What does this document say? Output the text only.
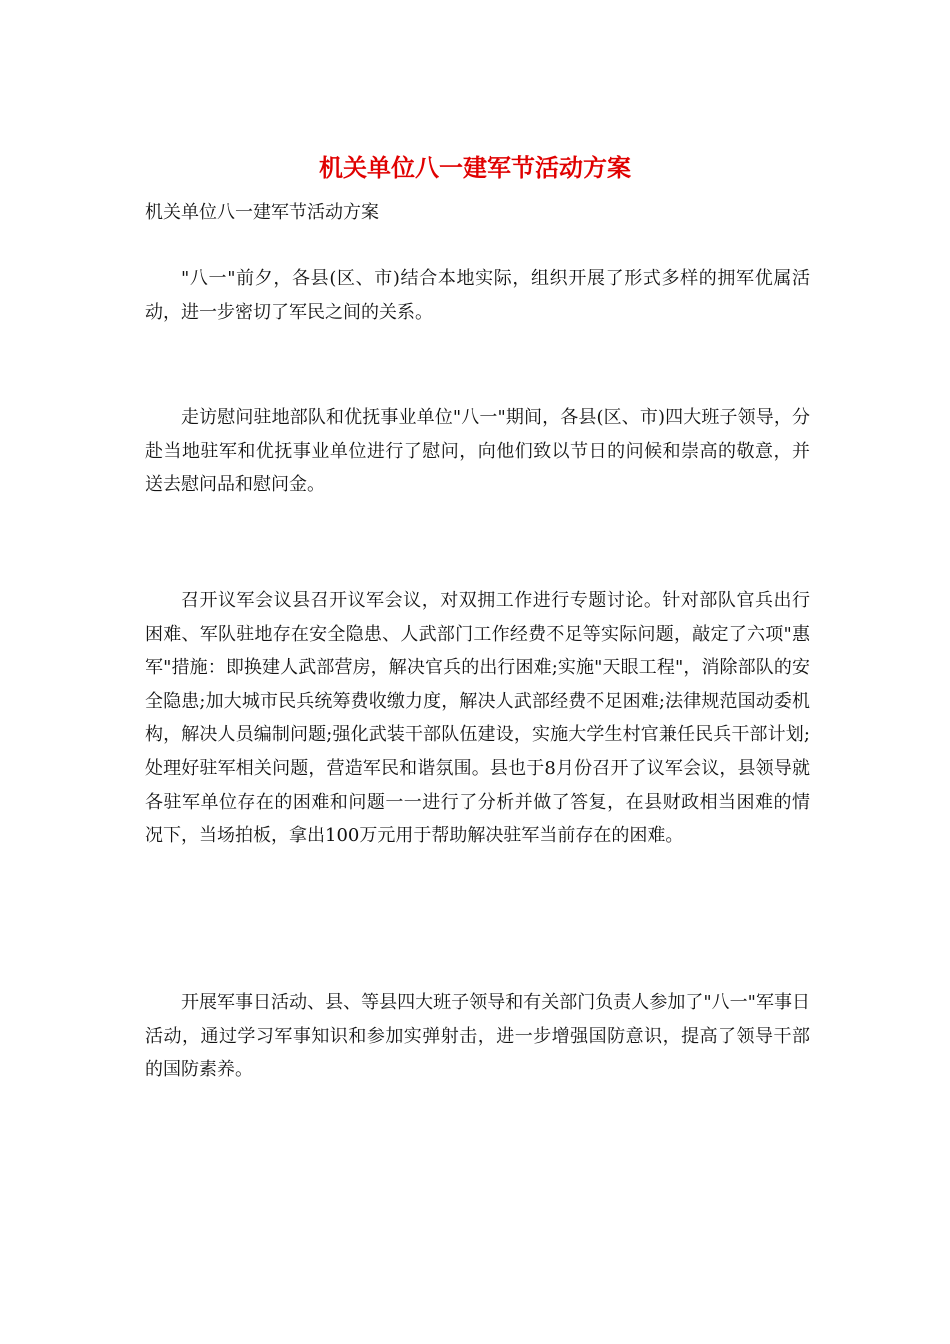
机关单位八一建军节活动方案
机关单位八一建军节活动方案

"八一"前夕，各县(区、市)结合本地实际，组织开展了形式多样的拥军优属活动，进一步密切了军民之间的关系。

走访慰问驻地部队和优抚事业单位"八一"期间，各县(区、市)四大班子领导，分赴当地驻军和优抚事业单位进行了慰问，向他们致以节日的问候和崇高的敬意，并送去慰问品和慰问金。

召开议军会议县召开议军会议，对双拥工作进行专题讨论。针对部队官兵出行困难、军队驻地存在安全隐患、人武部门工作经费不足等实际问题，敲定了六项"惠军"措施：即换建人武部营房，解决官兵的出行困难;实施"天眼工程"，消除部队的安全隐患;加大城市民兵统筹费收缴力度，解决人武部经费不足困难;法律规范国动委机构，解决人员编制问题;强化武装干部队伍建设，实施大学生村官兼任民兵干部计划;处理好驻军相关问题，营造军民和谐氛围。县也于8月份召开了议军会议，县领导就各驻军单位存在的困难和问题一一进行了分析并做了答复，在县财政相当困难的情况下，当场拍板，拿出100万元用于帮助解决驻军当前存在的困难。

开展军事日活动、县、等县四大班子领导和有关部门负责人参加了"八一"军事日活动，通过学习军事知识和参加实弹射击，进一步增强国防意识，提高了领导干部的国防素养。
